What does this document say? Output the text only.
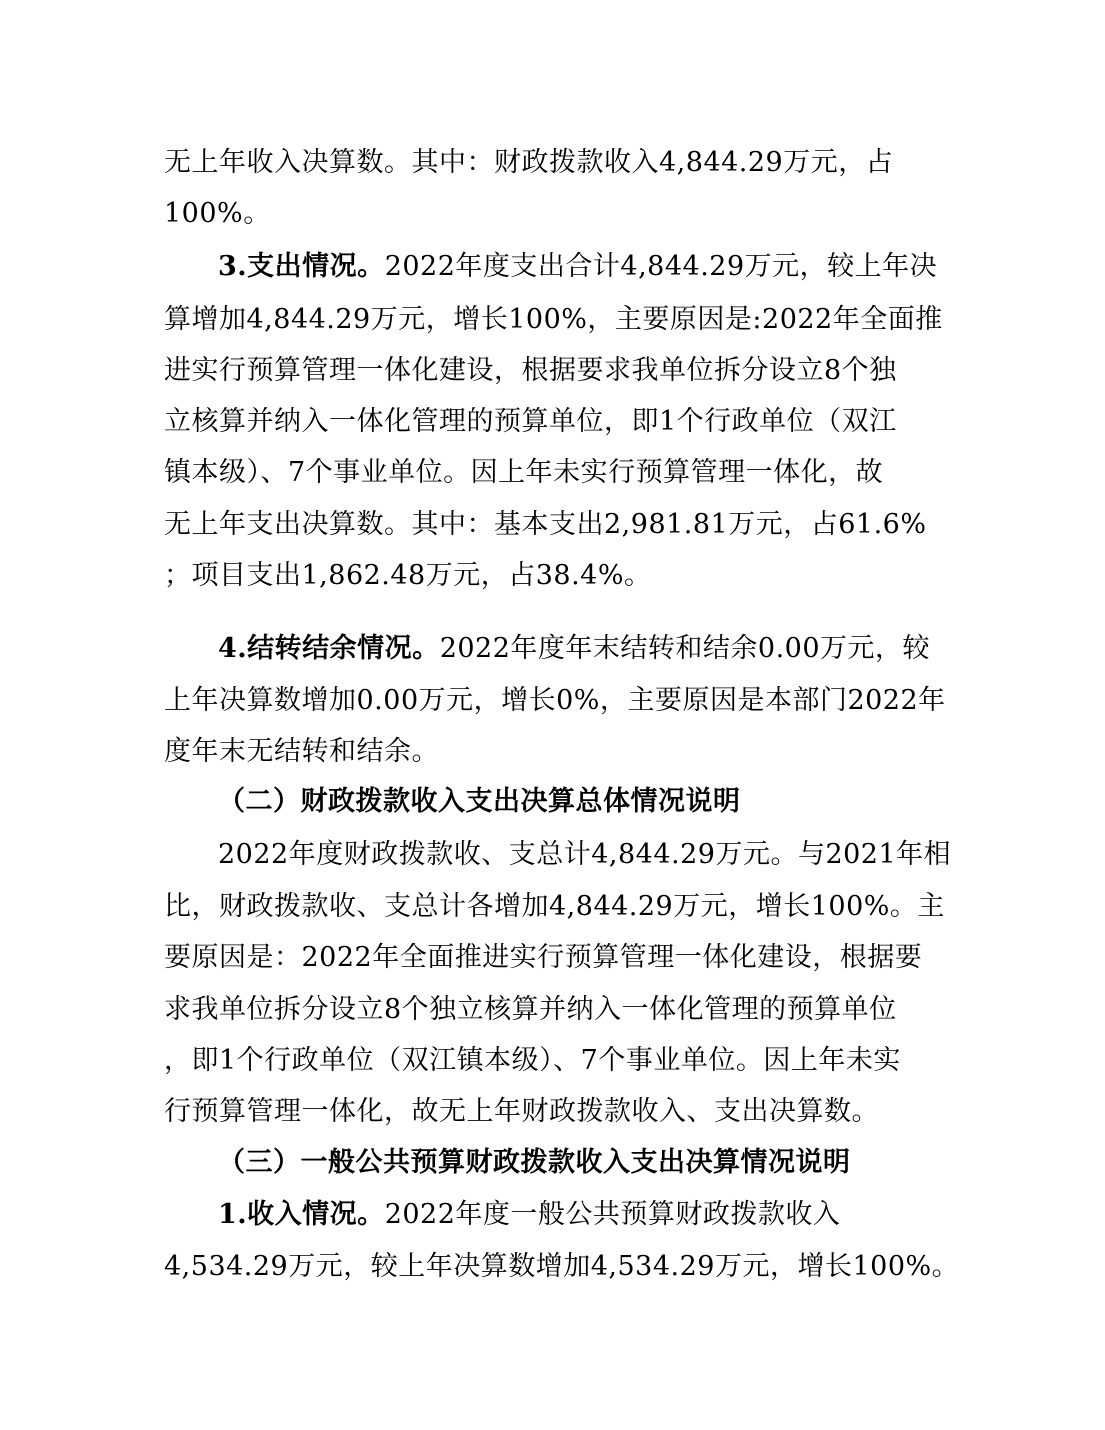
无上年收入决算数。其中：财政拨款收入4,844.29万元，占
100%。
3.支出情况。2022年度支出合计4,844.29万元，较上年决
算增加4,844.29万元，增长100%，主要原因是:2022年全面推
进实行预算管理一体化建设，根据要求我单位拆分设立8个独
立核算并纳入一体化管理的预算单位，即1个行政单位（双江
镇本级）、7个事业单位。因上年未实行预算管理一体化，故
无上年支出决算数。其中：基本支出2,981.81万元，占61.6%
；项目支出1,862.48万元，占38.4%。
4.结转结余情况。2022年度年末结转和结余0.00万元，较
上年决算数增加0.00万元，增长0%，主要原因是本部门2022年
度年末无结转和结余。
（二）财政拨款收入支出决算总体情况说明
2022年度财政拨款收、支总计4,844.29万元。与2021年相
比，财政拨款收、支总计各增加4,844.29万元，增长100%。主
要原因是：2022年全面推进实行预算管理一体化建设，根据要
求我单位拆分设立8个独立核算并纳入一体化管理的预算单位
，即1个行政单位（双江镇本级）、7个事业单位。因上年未实
行预算管理一体化，故无上年财政拨款收入、支出决算数。
（三）一般公共预算财政拨款收入支出决算情况说明
1.收入情况。2022年度一般公共预算财政拨款收入
4,534.29万元，较上年决算数增加4,534.29万元，增长100%。
